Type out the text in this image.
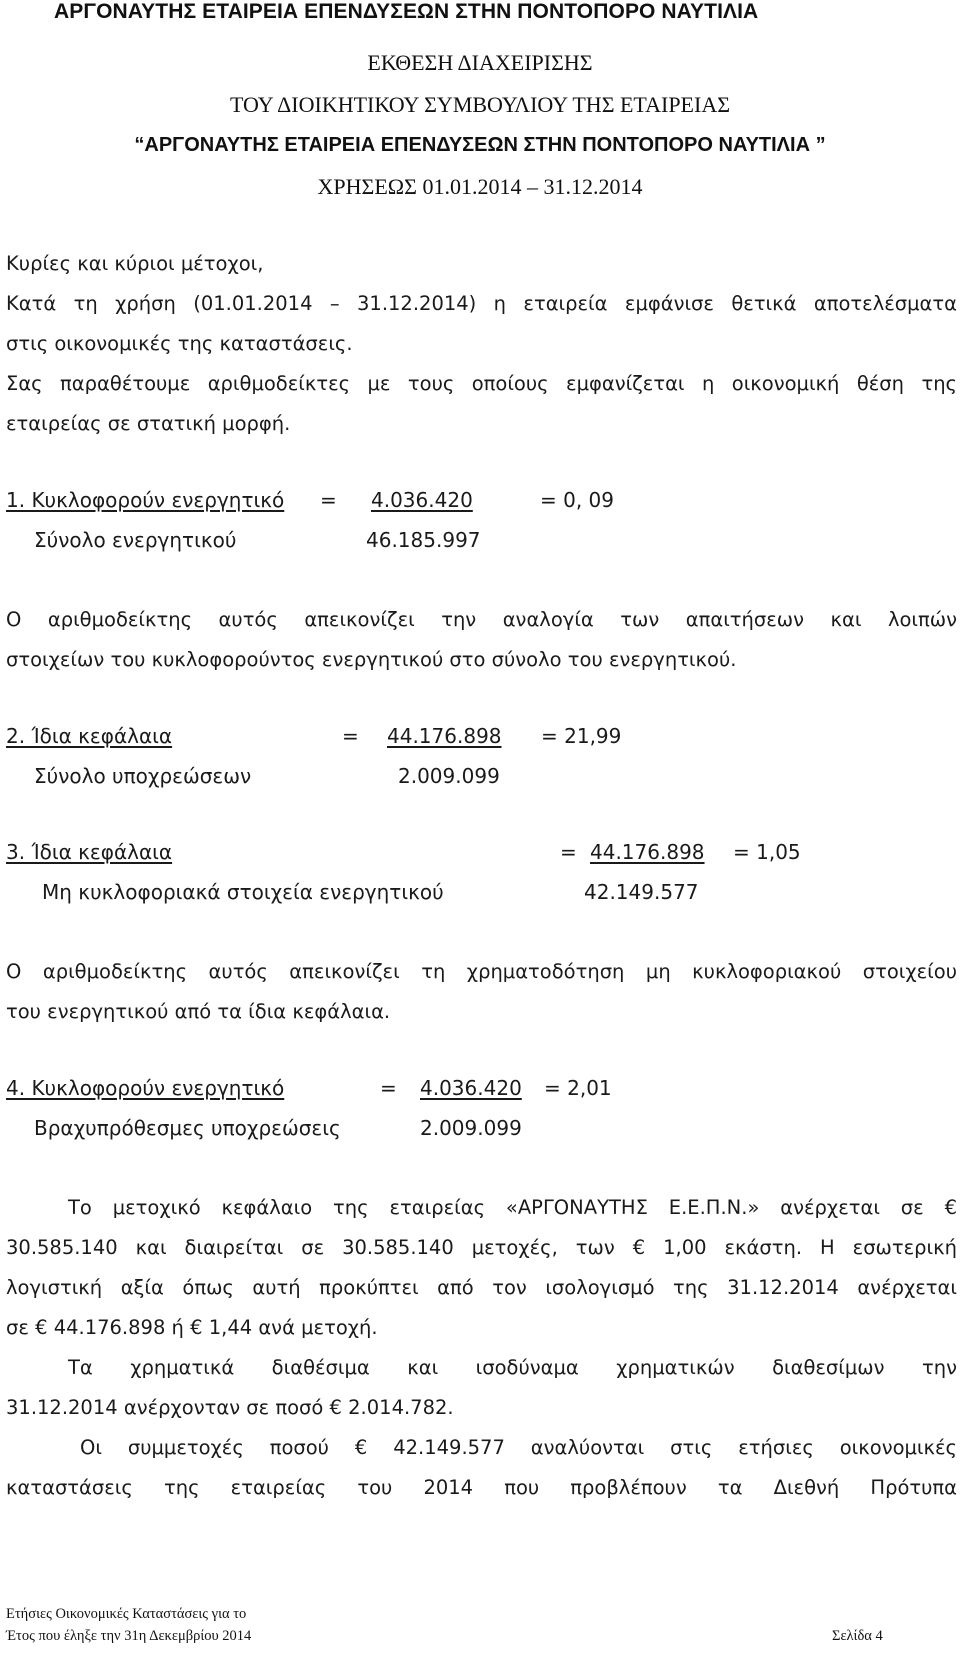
ΑΡΓΟΝΑΥΤΗΣ ΕΤΑΙΡΕΙΑ ΕΠΕΝΔΥΣΕΩΝ ΣΤΗΝ ΠΟΝΤΟΠΟΡΟ ΝΑΥΤΙΛΙΑ
ΕΚΘΕΣΗ ΔΙΑΧΕΙΡΙΣΗΣ
ΤΟΥ ΔΙΟΙΚΗΤΙΚΟΥ ΣΥΜΒΟΥΛΙΟΥ ΤΗΣ ΕΤΑΙΡΕΙΑΣ
“ΑΡΓΟΝΑΥΤΗΣ ΕΤΑΙΡΕΙΑ ΕΠΕΝΔΥΣΕΩΝ ΣΤΗΝ ΠΟΝΤΟΠΟΡΟ ΝΑΥΤΙΛΙΑ ”
ΧΡΗΣΕΩΣ 01.01.2014 – 31.12.2014
Κυρίες και κύριοι μέτοχοι,
Κατά τη χρήση (01.01.2014 – 31.12.2014) η εταιρεία εμφάνισε θετικά αποτελέσματα
στις οικονομικές της καταστάσεις.
Σας παραθέτουμε αριθμοδείκτες με τους οποίους εμφανίζεται η οικονομική θέση της
εταιρείας σε στατική μορφή.
1. Κυκλοφορούν ενεργητικό =	4.036.420	= 0, 09
Σύνολο ενεργητικού	46.185.997
Ο αριθμοδείκτης αυτός απεικονίζει την αναλογία των απαιτήσεων και λοιπών
στοιχείων του κυκλοφορούντος ενεργητικού στο σύνολο του ενεργητικού.
2. Ίδια κεφάλαια	= 44.176.898	= 21,99
Σύνολο υποχρεώσεων	2.009.099
3. Ίδια κεφάλαια	= 44.176.898	= 1,05
Μη κυκλοφοριακά στοιχεία ενεργητικού	42.149.577
Ο αριθμοδείκτης αυτός απεικονίζει τη χρηματοδότηση μη κυκλοφοριακού στοιχείου
του ενεργητικού από τα ίδια κεφάλαια.
4. Κυκλοφορούν ενεργητικό	= 4.036.420	= 2,01
Βραχυπρόθεσμες υποχρεώσεις	2.009.099
Το μετοχικό κεφάλαιο της εταιρείας «ΑΡΓΟΝΑΥΤΗΣ Ε.Ε.Π.Ν.» ανέρχεται σε €
30.585.140 και διαιρείται σε 30.585.140 μετοχές, των € 1,00 εκάστη. Η εσωτερική
λογιστική αξία όπως αυτή προκύπτει από τον ισολογισμό της 31.12.2014 ανέρχεται
σε € 44.176.898 ή € 1,44 ανά μετοχή.
Τα χρηματικά διαθέσιμα και ισοδύναμα χρηματικών διαθεσίμων την
31.12.2014 ανέρχονταν σε ποσό € 2.014.782.
Οι συμμετοχές ποσού € 42.149.577 αναλύονται στις ετήσιες οικονομικές
καταστάσεις της εταιρείας του 2014 που προβλέπουν τα Διεθνή Πρότυπα
Ετήσιες Οικονομικές Καταστάσεις για το
Έτος που έληξε την 31η Δεκεμβρίου 2014	Σελίδα 4
